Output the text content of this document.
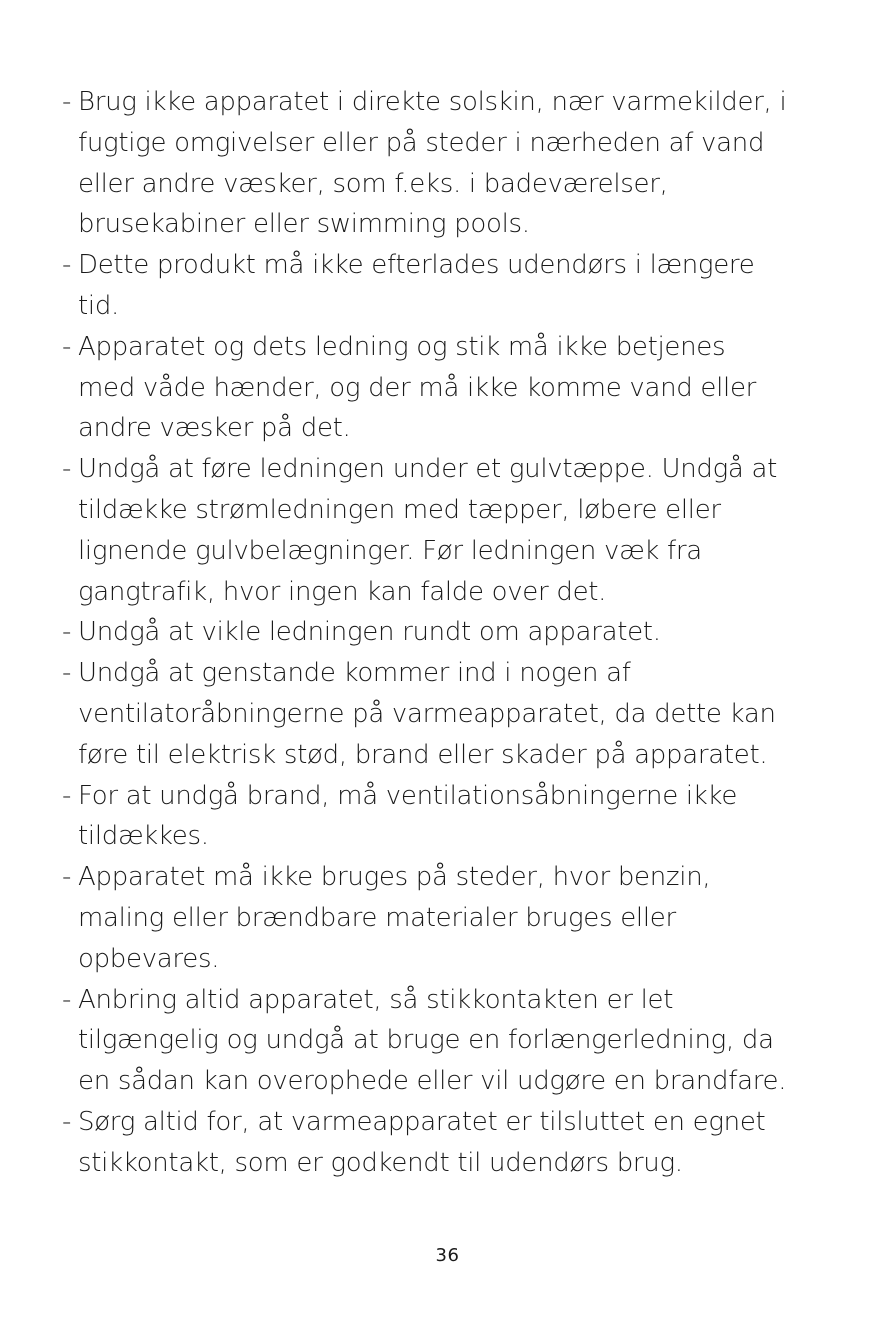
- Brug ikke apparatet i direkte solskin, nær varmekilder, i
fugtige omgivelser eller på steder i nærheden af vand
eller andre væsker, som f.eks. i badeværelser,
brusekabiner eller swimming pools.
- Dette produkt må ikke efterlades udendørs i længere
tid.
- Apparatet og dets ledning og stik må ikke betjenes
med våde hænder, og der må ikke komme vand eller
andre væsker på det.
- Undgå at føre ledningen under et gulvtæppe. Undgå at
tildække strømledningen med tæpper, løbere eller
lignende gulvbelægninger. Før ledningen væk fra
gangtrafik, hvor ingen kan falde over det.
- Undgå at vikle ledningen rundt om apparatet.
- Undgå at genstande kommer ind i nogen af
ventilatoråbningerne på varmeapparatet, da dette kan
føre til elektrisk stød, brand eller skader på apparatet.
- For at undgå brand, må ventilationsåbningerne ikke
tildækkes.
- Apparatet må ikke bruges på steder, hvor benzin,
maling eller brændbare materialer bruges eller
opbevares.
- Anbring altid apparatet, så stikkontakten er let
tilgængelig og undgå at bruge en forlængerledning, da
en sådan kan overophede eller vil udgøre en brandfare.
- Sørg altid for, at varmeapparatet er tilsluttet en egnet
stikkontakt, som er godkendt til udendørs brug.
36
